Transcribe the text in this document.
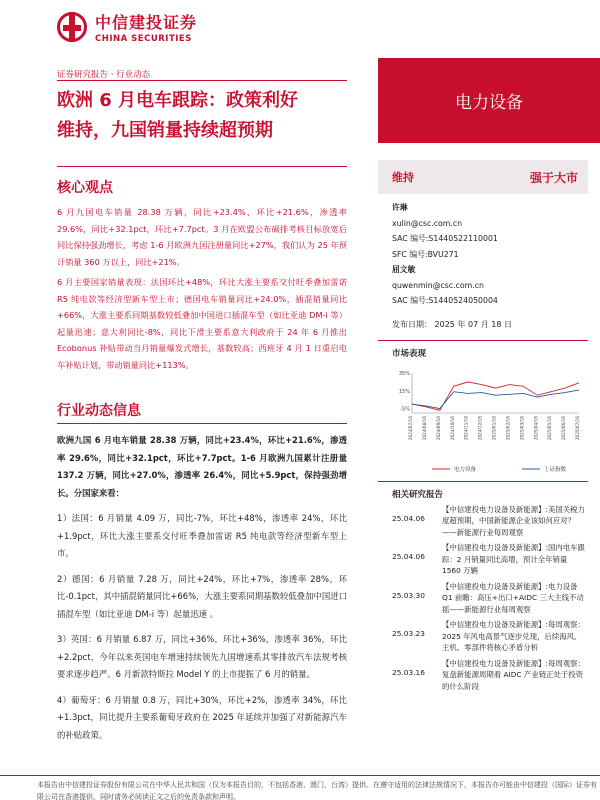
中信建投证券
CHINA SECURITIES
证券研究报告 · 行业动态
欧洲 6 月电车跟踪：政策利好
维持，九国销量持续超预期
电力设备
核心观点

6 月九国电车销量 28.38 万辆，同比+23.4%，环比+21.6%，渗透率 29.6%，同比+32.1pct，环比+7.7pct。3 月在欧盟公布碳排考核目标放宽后同比保持强劲增长，考虑 1-6 月欧洲九国注册量同比+27%，我们认为 25 年预计销量 360 万以上，同比+21%。

6 月主要国家销量表现：法国环比+48%，环比大涨主要系交付旺季叠加雷诺 R5 纯电款等经济型新车型上市；德国电车销量同比+24.0%，插混销量同比+66%，大涨主要系同期基数较低叠加中国进口插混车型（如比亚迪 DM-i 等）起量迅速；意大利同比-8%，同比下滑主要系意大利政府于 24 年 6 月推出 Ecobonus 补贴带动当月销量爆发式增长，基数较高；西班牙 4 月 1 日重启电车补贴计划，带动销量同比+113%。

行业动态信息

欧洲九国 6 月电车销量 28.38 万辆，同比+23.4%，环比+21.6%，渗透率 29.6%，同比+32.1pct，环比+7.7pct。1-6 月欧洲九国累计注册量 137.2 万辆，同比+27.0%，渗透率 26.4%，同比+5.9pct，保持强劲增长。分国家来看：

1）法国：6 月销量 4.09 万，同比-7%，环比+48%，渗透率 24%，环比+1.9pct，环比大涨主要系交付旺季叠加雷诺 R5 纯电款等经济型新车型上市。

2）德国：6 月销量 7.28 万，同比+24%，环比+7%，渗透率 28%，环比-0.1pct，其中插混销量同比+66%，大涨主要系同期基数较低叠加中国进口插混车型（如比亚迪 DM-i 等）起量迅速 。

3）英国：6 月销量 6.87 万，同比+36%，环比+36%，渗透率 36%，环比+2.2pct，今年以来英国电车增速持续领先九国增速系其零排放汽车法规考核要求逐步趋严。6 月新款特斯拉 Model Y 的上市提振了 6 月的销量。

4）葡萄牙：6 月销量 0.8 万，同比+30%，环比+2%，渗透率 34%，环比+1.3pct，同比提升主要系葡萄牙政府在 2025 年延续并加强了对新能源汽车的补贴政策。

维持	强于大市
许琳
xulin@csc.com.cn
SAC 编号:S1440522110001
SFC 编号:BVU271
屈文敏
quwenmin@csc.com.cn
SAC 编号:S1440524050004
发布日期： 2025 年 07 月 18 日
市场表现
35%
15%
-5%
2024/07/16 2024/08/16 2024/09/16 2024/10/16 2024/11/16 2024/12/16 2025/01/16 2025/02/16 2025/03/16 2025/04/16 2025/05/16 2025/06/16 2025/07/16
电力设备	上证指数
相关研究报告
25.04.06
【中信建投电力设备及新能源】:美国关税力度超预期，中国新能源企业该如何应对？ ——新能源行业每周观察
25.04.06
【中信建投电力设备及新能源】:国内电车跟踪：2 月销量同比高增，预计全年销量 1560 万辆
25.03.30
【中信建投电力设备及新能源】:电力设备 Q1 前瞻：高压+出口+AIDC 三大主线不动摇——新能源行业每周观察
25.03.23
【中信建投电力设备及新能源】:每周观察：2025 年风电高景气逐步兑现，后续海风、主机、零部件将核心矛盾分析
25.03.16
【中信建投电力设备及新能源】:每周观察：复盘新能源周期看 AIDC 产业链正处于投资的什么阶段
本报告由中信建投证券股份有限公司在中华人民共和国（仅为本报告目的，不包括香港、澳门、台湾）提供。在遵守适用的法律法规情况下，本报告亦可能由中信建投（国际）证券有限公司在香港提供。同时请务必阅读正文之后的免责条款和声明。
